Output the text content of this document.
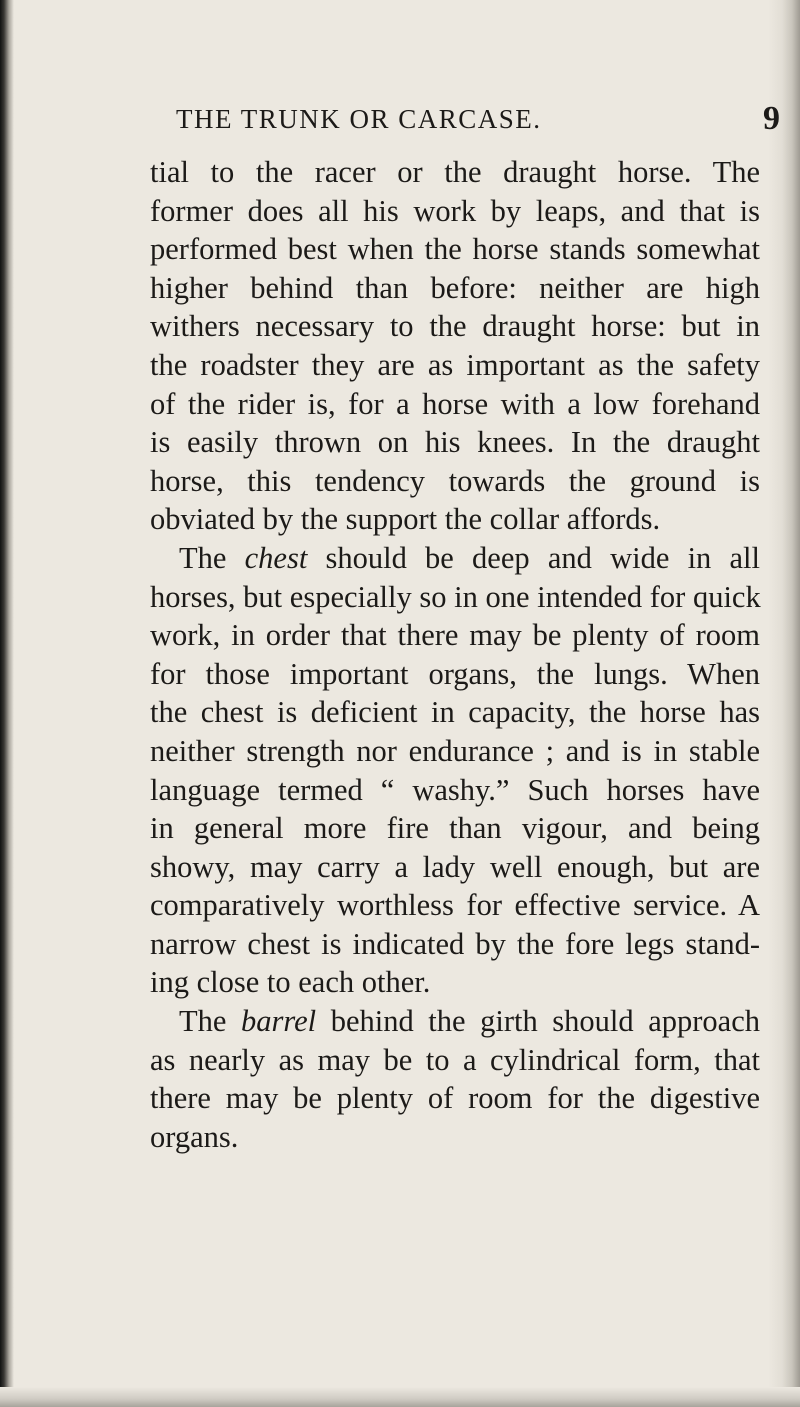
THE TRUNK OR CARCASE.	9
tial to the racer or the draught horse. The
former does all his work by leaps, and that is
performed best when the horse stands somewhat
higher behind than before: neither are high
withers necessary to the draught horse: but in
the roadster they are as important as the safety
of the rider is, for a horse with a low forehand
is easily thrown on his knees. In the draught
horse, this tendency towards the ground is
obviated by the support the collar affords.
The chest should be deep and wide in all
horses, but especially so in one intended for quick
work, in order that there may be plenty of room
for those important organs, the lungs. When
the chest is deficient in capacity, the horse has
neither strength nor endurance ; and is in stable
language termed “ washy.” Such horses have
in general more fire than vigour, and being
showy, may carry a lady well enough, but are
comparatively worthless for effective service. A
narrow chest is indicated by the fore legs stand-
ing close to each other.
The barrel behind the girth should approach
as nearly as may be to a cylindrical form, that
there may be plenty of room for the digestive
organs.
